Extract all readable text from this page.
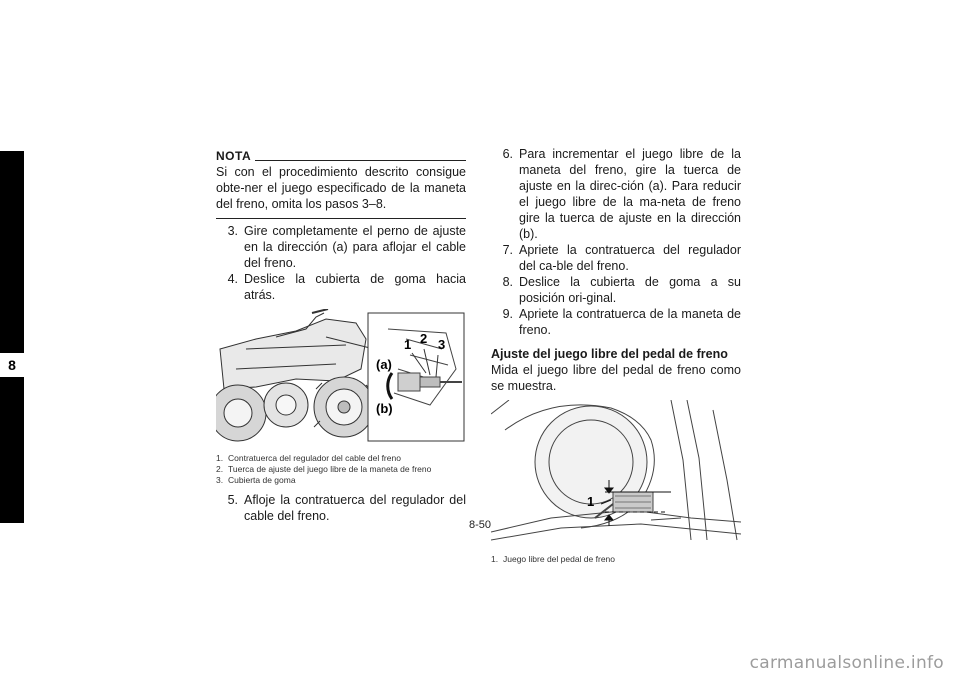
8
NOTA

Si con el procedimiento descrito consigue obte-ner el juego especificado de la maneta del freno, omita los pasos 3–8.

3. Gire completamente el perno de ajuste en la dirección (a) para aflojar el cable del freno.
4. Deslice la cubierta de goma hacia atrás.
1 2 3
(a)
(b)
1. Contratuerca del regulador del cable del freno
2. Tuerca de ajuste del juego libre de la maneta de freno
3. Cubierta de goma
5. Afloje la contratuerca del regulador del cable del freno.
6. Para incrementar el juego libre de la maneta del freno, gire la tuerca de ajuste en la direc-ción (a). Para reducir el juego libre de la ma-neta de freno gire la tuerca de ajuste en la dirección (b).
7. Apriete la contratuerca del regulador del ca-ble del freno.
8. Deslice la cubierta de goma a su posición ori-ginal.
9. Apriete la contratuerca de la maneta de freno.
Ajuste del juego libre del pedal de freno
Mida el juego libre del pedal de freno como se muestra.
1
1. Juego libre del pedal de freno
8-50
carmanualsonline.info
